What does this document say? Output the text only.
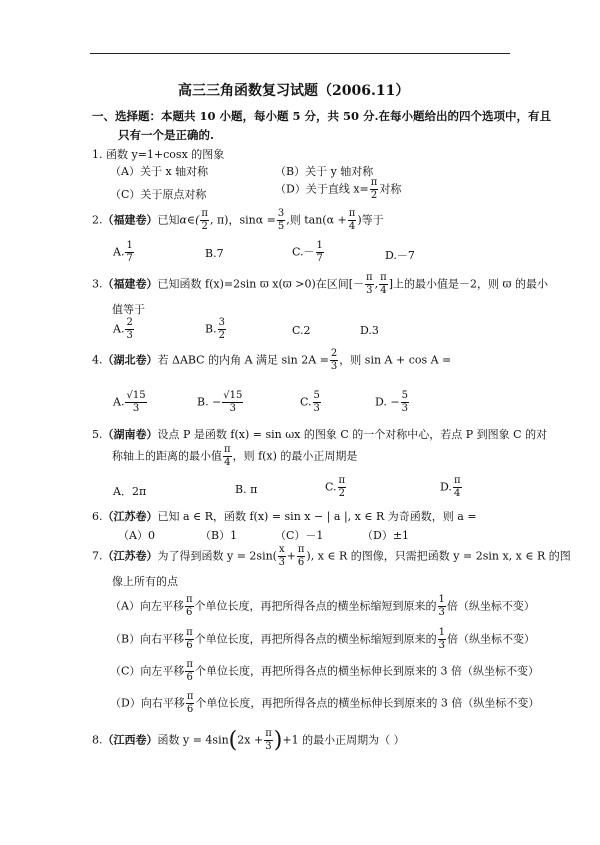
高三三角函数复习试题（2006.11）
一、选择题：本题共 10 小题，每小题 5 分，共 50 分.在每小题给出的四个选项中，有且
只有一个是正确的.
1. 函数 y=1+cosx 的图象
（A）关于 x 轴对称	（B）关于 y 轴对称
（C）关于原点对称	（D）关于直线 $x= \frac{\pi}{2}$ 对称
2.（福建卷）已知α∈( $\frac{\pi}{2}$ , π)，$\sin\alpha = \frac{3}{5}$ ,则 $\tan(\alpha + \frac{\pi}{4}$ )等于
A. $\frac{1}{7}$	B.7	$C.- \frac{1}{7}$	D.－7
3.（福建卷）已知函数 f(x)=2sin ϖ x(ϖ >0)在区间[－ $\frac{\pi}{3}$ , $\frac{\pi}{4}$ ]上的最小值是－2，则 ϖ 的最小
值等于
A. $\frac{2}{3}$	B. $\frac{3}{2}$	C.2	D.3
4.（湖北卷）若 ΔABC 的内角 A 满足 $\sin 2A = \frac{2}{3}$ ，则 sin A + cos A =
A. $\frac{√15}{3}$	B. − $\frac{√15}{3}$	C. $\frac{5}{3}$	D. − $\frac{5}{3}$
5.（湖南卷）设点 P 是函数 f(x) = sin ωx 的图象 C 的一个对称中心，若点 P 到图象 C 的对
称轴上的距离的最小值 $\frac{\pi}{4}$ ，则 f(x) 的最小正周期是
A．2π	B. π	C. $\frac{\pi}{2}$	D. $\frac{\pi}{4}$
6.（江苏卷）已知 a ∈ R，函数 f(x) = sin x − | a |, x ∈ R 为奇函数，则 a =
（A）0	（B）1	（C）－1	（D）±1
7.（江苏卷）为了得到函数 $y = 2\sin( \frac{x}{3} + \frac{\pi}{6}$ ), x ∈ R 的图像，只需把函数 y = 2sin x, x ∈ R 的图
像上所有的点
（A）向左平移 $\frac{\pi}{6}$ 个单位长度，再把所得各点的横坐标缩短到原来的 $\frac{1}{3}$ 倍（纵坐标不变）
（B）向右平移 $\frac{\pi}{6}$ 个单位长度，再把所得各点的横坐标缩短到原来的 $\frac{1}{3}$ 倍（纵坐标不变）
（C）向左平移 $\frac{\pi}{6}$ 个单位长度，再把所得各点的横坐标伸长到原来的 3 倍（纵坐标不变）
（D）向右平移 $\frac{\pi}{6}$ 个单位长度，再把所得各点的横坐标伸长到原来的 3 倍（纵坐标不变）
8.（江西卷）函数 $y = 4\sin(2x + \frac{\pi}{3} )+1$ 的最小正周期为（ ）
